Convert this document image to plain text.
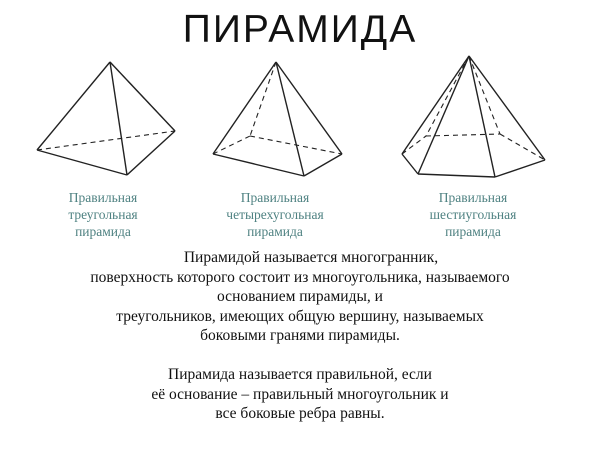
ПИРАМИДА
Правильная
треугольная
пирамида
Правильная
четырехугольная
пирамида
Правильная
шестиугольная
пирамида
Пирамидой называется многогранник,
поверхность которого состоит из многоугольника, называемого
основанием пирамиды, и
треугольников, имеющих общую вершину, называемых
боковыми гранями пирамиды.
Пирамида называется правильной, если
её основание – правильный многоугольник и
все боковые ребра равны.
